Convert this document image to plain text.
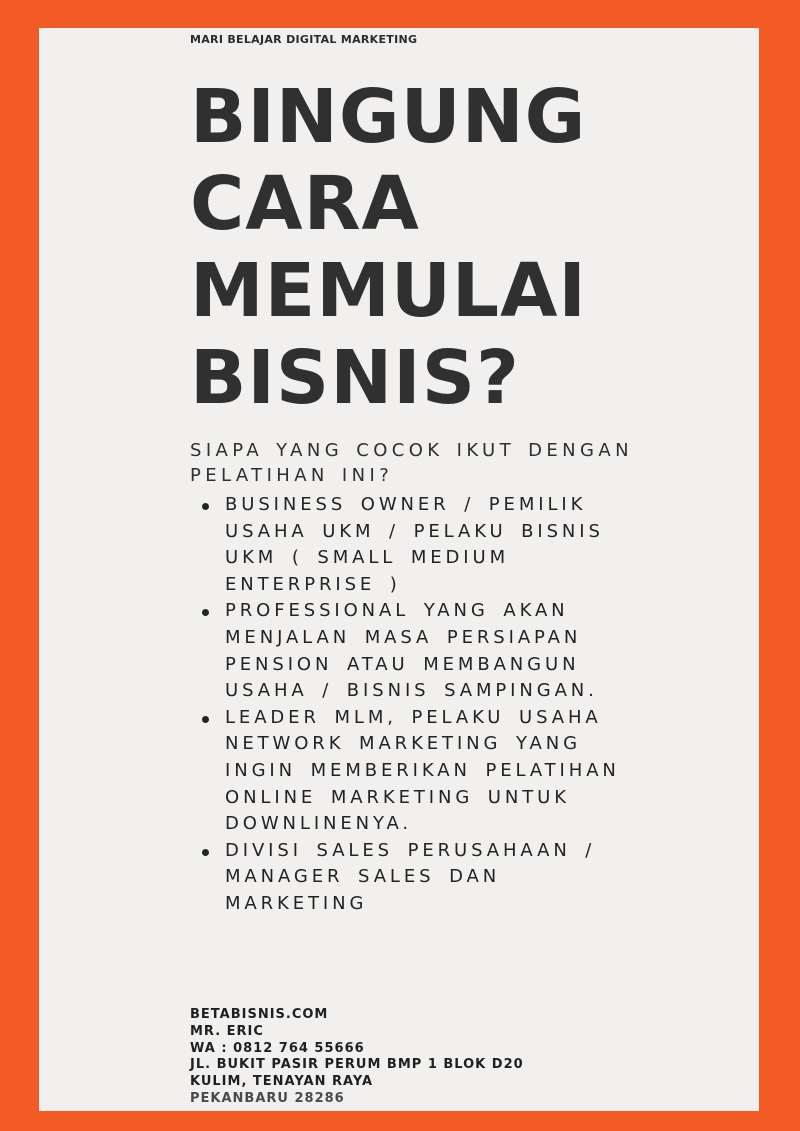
MARI BELAJAR DIGITAL MARKETING
BINGUNG
CARA
MEMULAI
BISNIS?

SIAPA YANG COCOK IKUT DENGAN PELATIHAN INI?

BUSINESS OWNER / PEMILIK USAHA UKM / PELAKU BISNIS UKM ( SMALL MEDIUM ENTERPRISE )
PROFESSIONAL YANG AKAN MENJALAN MASA PERSIAPAN PENSION ATAU MEMBANGUN USAHA / BISNIS SAMPINGAN.
LEADER MLM, PELAKU USAHA NETWORK MARKETING YANG INGIN MEMBERIKAN PELATIHAN ONLINE MARKETING UNTUK DOWNLINENYA.
DIVISI SALES PERUSAHAAN / MANAGER SALES DAN MARKETING
BETABISNIS.COM
MR. ERIC
WA : 0812 764 55666
JL. BUKIT PASIR PERUM BMP 1 BLOK D20
KULIM, TENAYAN RAYA
PEKANBARU 28286
